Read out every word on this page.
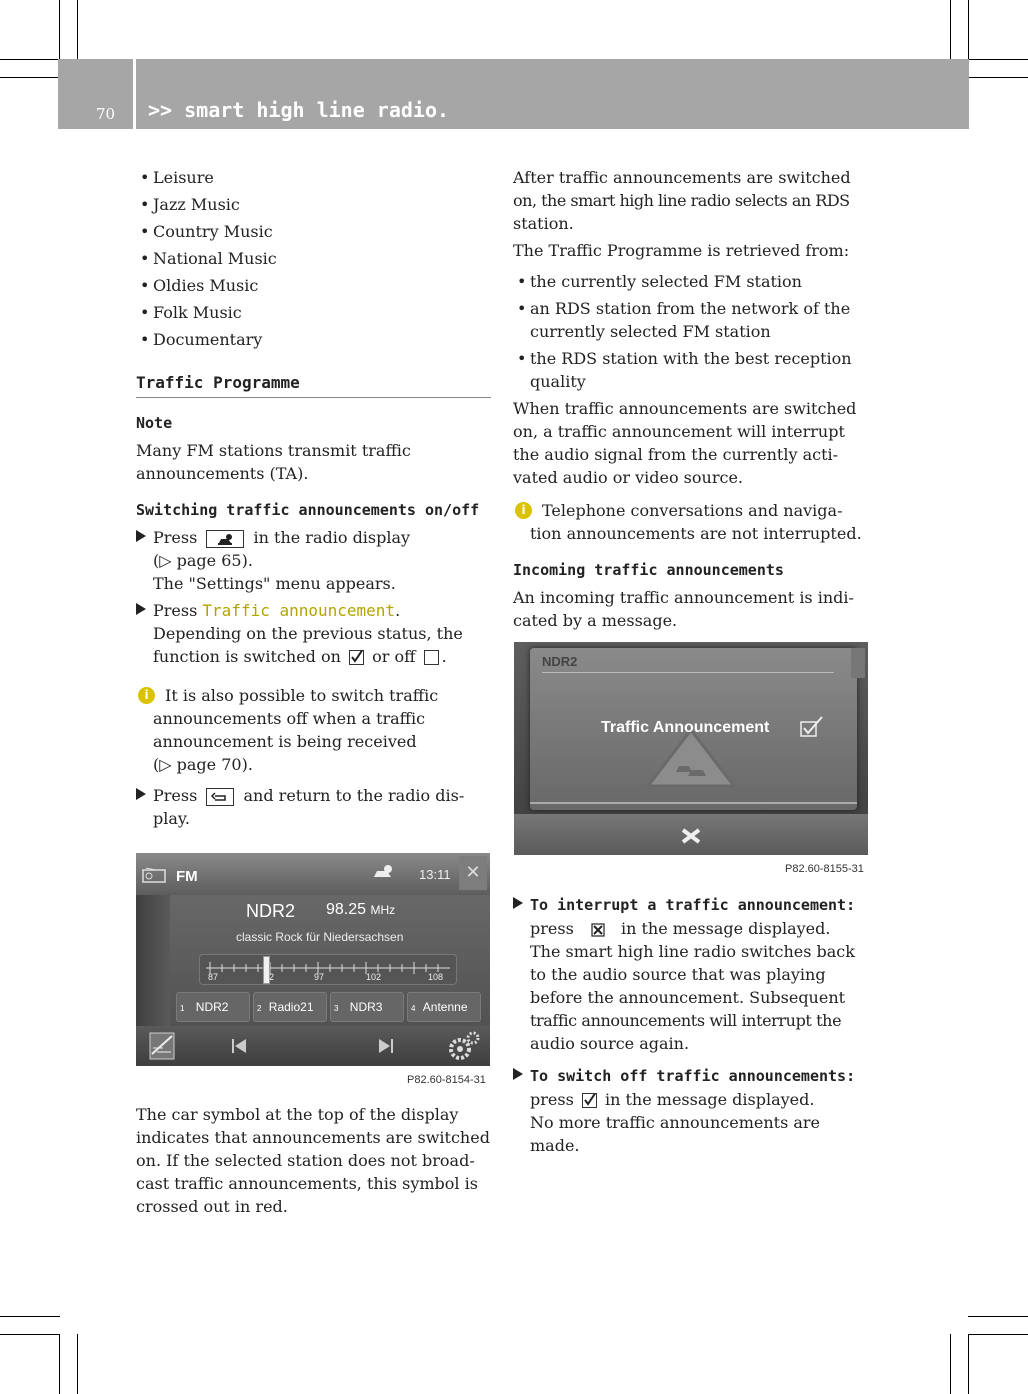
70 >> smart high line radio.

• Leisure

• Jazz Music

• Country Music

• National Music

• Oldies Music

• Folk Music

• Documentary

Traffic Programme

Note

Many FM stations transmit traffic
announcements (TA).

Switching traffic announcements on/off

Press	in the radio display
(▷ page 65).
The "Settings" menu appears.
Press Traffic announcement.
Depending on the previous status, the
function is switched on or off .
i	It is also possible to switch traffic
announcements off when a traffic
announcement is being received
(▷ page 70).
Press	and return to the radio dis-
play.
FM	13:11 ✕
NDR2 98.25 MHz
classic Rock für Niedersachsen
87	92	97	102	108
1 NDR2	2 Radio21	3 NDR3	4 Antenne
P82.60-8154-31

The car symbol at the top of the display

indicates that announcements are switched

on. If the selected station does not broad-

cast traffic announcements, this symbol is

crossed out in red.

After traffic announcements are switched

on, the smart high line radio selects an RDS

station.

The Traffic Programme is retrieved from:

• the currently selected FM station

• an RDS station from the network of the
currently selected FM station

• the RDS station with the best reception
quality

When traffic announcements are switched

on, a traffic announcement will interrupt

the audio signal from the currently acti-

vated audio or video source.

i	Telephone conversations and naviga-
tion announcements are not interrupted.

Incoming traffic announcements

An incoming traffic announcement is indi-

cated by a message.

NDR2
Traffic Announcement
P82.60-8155-31
To interrupt a traffic announcement:
press ☒ in the message displayed.
The smart high line radio switches back
to the audio source that was playing
before the announcement. Subsequent
traffic announcements will interrupt the
audio source again.
To switch off traffic announcements:
press in the message displayed.
No more traffic announcements are made.
